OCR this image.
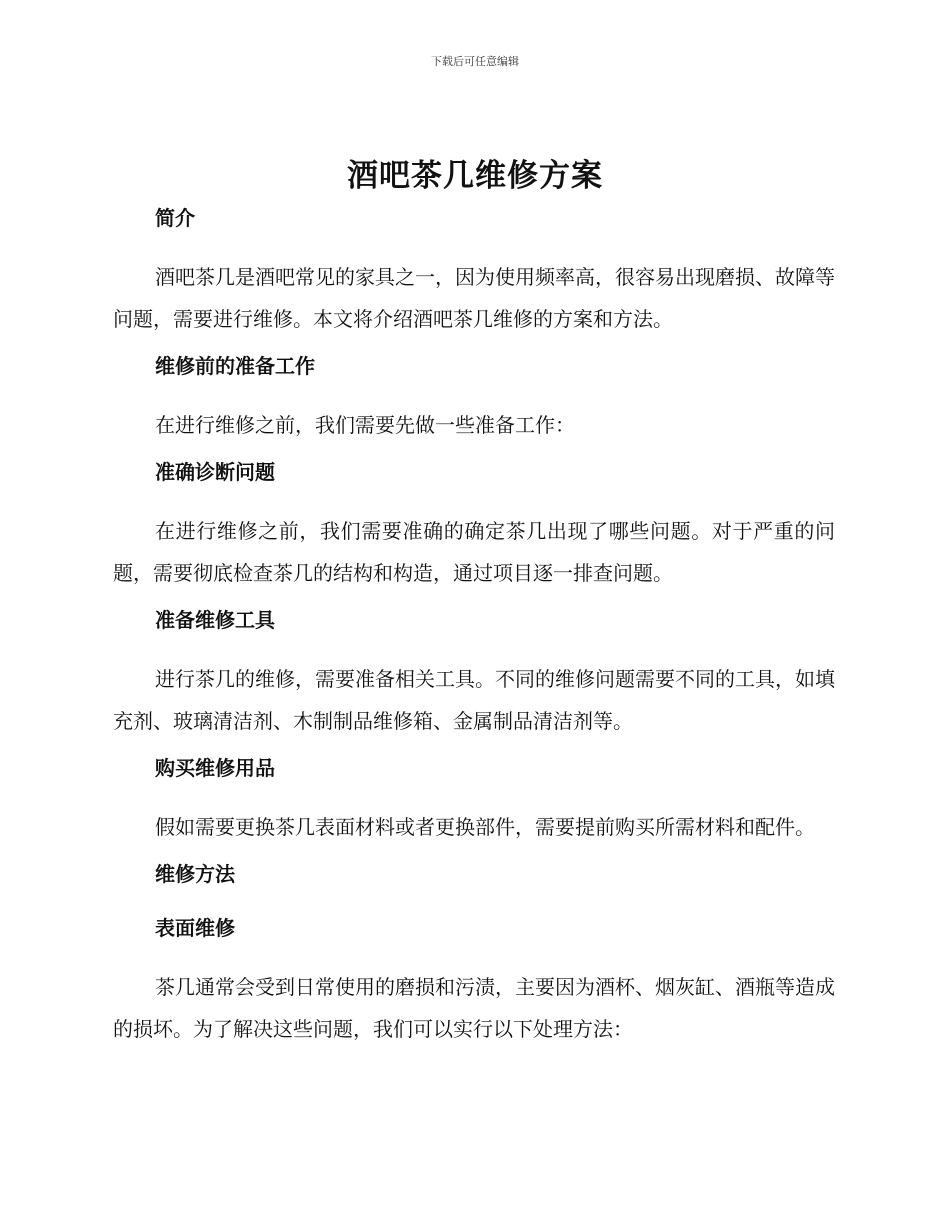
下载后可任意编辑
酒吧茶几维修方案
简介

酒吧茶几是酒吧常见的家具之一，因为使用频率高，很容易出现磨损、故障等问题，需要进行维修。本文将介绍酒吧茶几维修的方案和方法。

维修前的准备工作

在进行维修之前，我们需要先做一些准备工作：

准确诊断问题

在进行维修之前，我们需要准确的确定茶几出现了哪些问题。对于严重的问题，需要彻底检查茶几的结构和构造，通过项目逐一排查问题。

准备维修工具

进行茶几的维修，需要准备相关工具。不同的维修问题需要不同的工具，如填充剂、玻璃清洁剂、木制制品维修箱、金属制品清洁剂等。

购买维修用品

假如需要更换茶几表面材料或者更换部件，需要提前购买所需材料和配件。

维修方法
表面维修

茶几通常会受到日常使用的磨损和污渍，主要因为酒杯、烟灰缸、酒瓶等造成的损坏。为了解决这些问题，我们可以实行以下处理方法：
